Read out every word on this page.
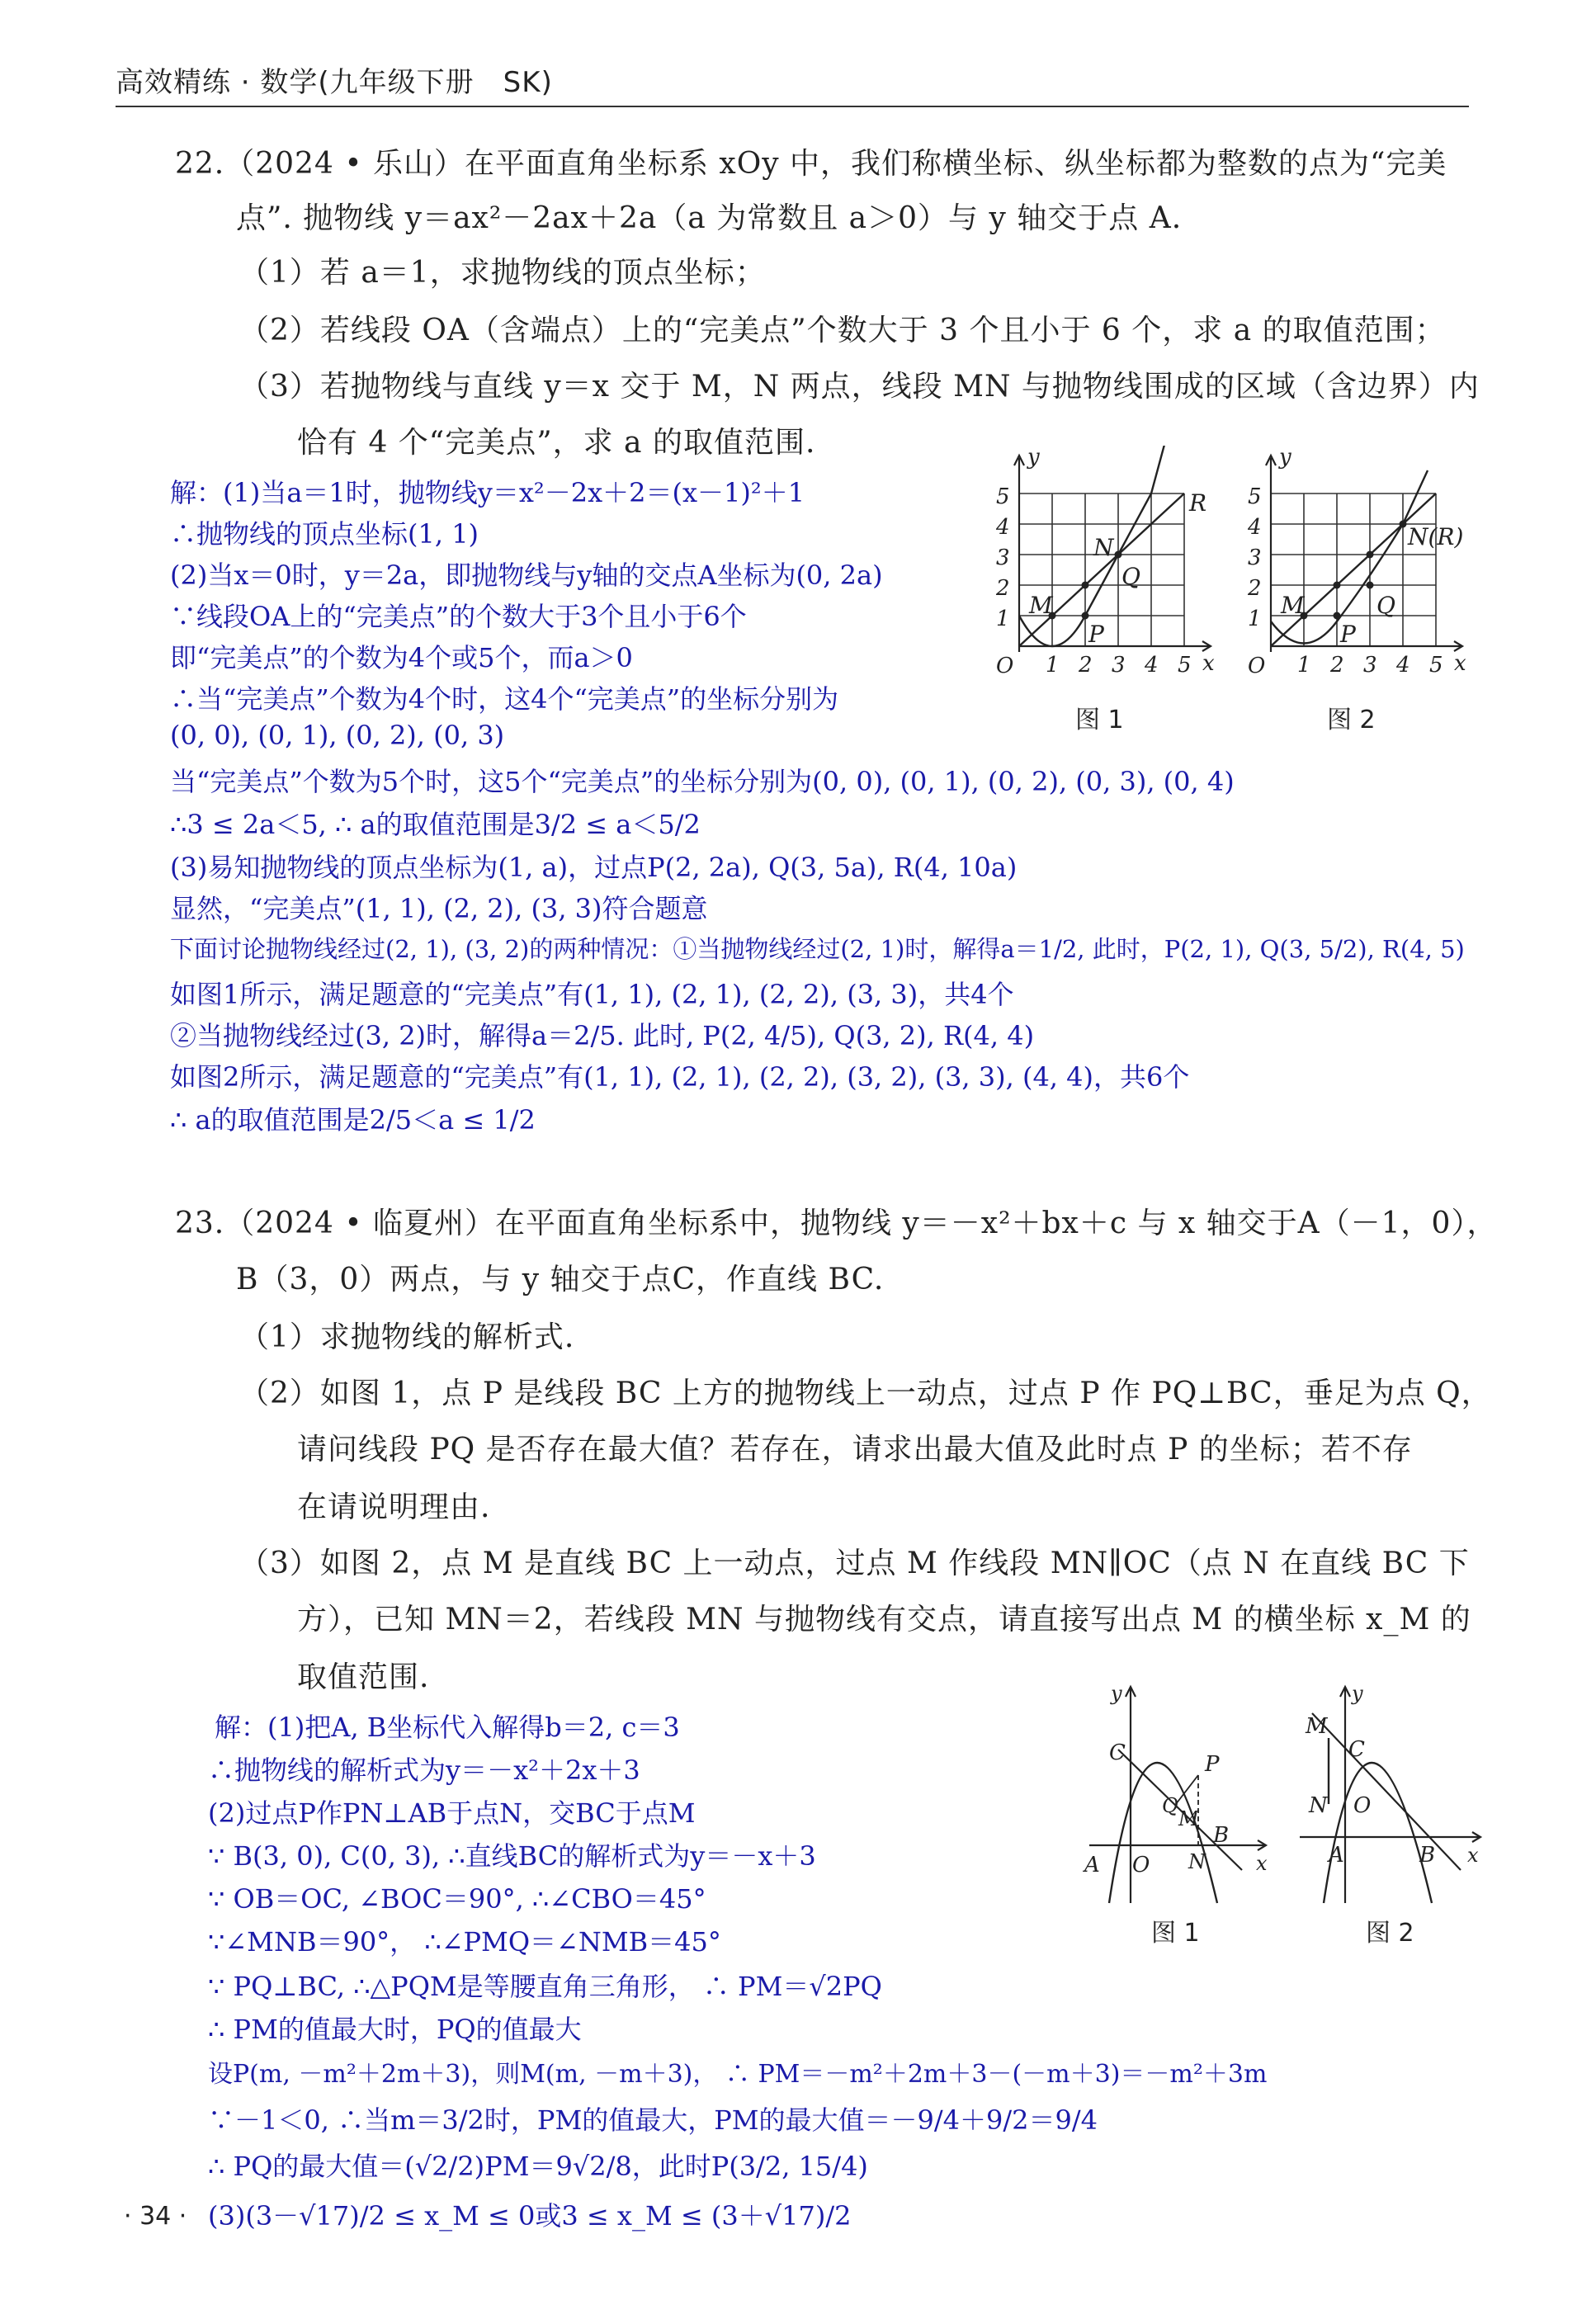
高效精练 · 数学(九年级下册　SK)
22.（2024 • 乐山）在平面直角坐标系 xOy 中，我们称横坐标、纵坐标都为整数的点为“完美
点”. 抛物线 y＝ax²－2ax＋2a（a 为常数且 a＞0）与 y 轴交于点 A.
（1）若 a＝1，求抛物线的顶点坐标；
（2）若线段 OA（含端点）上的“完美点”个数大于 3 个且小于 6 个，求 a 的取值范围；
（3）若抛物线与直线 y＝x 交于 M，N 两点，线段 MN 与抛物线围成的区域（含边界）内
恰有 4 个“完美点”，求 a 的取值范围.
解：(1)当a＝1时，抛物线y＝x²－2x＋2＝(x－1)²＋1
∴抛物线的顶点坐标(1, 1)
(2)当x＝0时，y＝2a，即抛物线与y轴的交点A坐标为(0, 2a)
∵线段OA上的“完美点”的个数大于3个且小于6个
即“完美点”的个数为4个或5个，而a＞0
∴当“完美点”个数为4个时，这4个“完美点”的坐标分别为
(0, 0), (0, 1), (0, 2), (0, 3)
当“完美点”个数为5个时，这5个“完美点”的坐标分别为(0, 0), (0, 1), (0, 2), (0, 3), (0, 4)
∴3 ≤ 2a＜5, ∴ a的取值范围是3/2 ≤ a＜5/2
(3)易知抛物线的顶点坐标为(1, a)，过点P(2, 2a), Q(3, 5a), R(4, 10a)
显然，“完美点”(1, 1), (2, 2), (3, 3)符合题意
下面讨论抛物线经过(2, 1), (3, 2)的两种情况：①当抛物线经过(2, 1)时，解得a＝1/2, 此时，P(2, 1), Q(3, 5/2), R(4, 5)
如图1所示，满足题意的“完美点”有(1, 1), (2, 1), (2, 2), (3, 3)，共4个
②当抛物线经过(3, 2)时，解得a＝2/5. 此时, P(2, 4/5), Q(3, 2), R(4, 4)
如图2所示，满足题意的“完美点”有(1, 1), (2, 1), (2, 2), (3, 2), (3, 3), (4, 4)，共6个
∴ a的取值范围是2/5＜a ≤ 1/2
5
4
3
2
1
1 2 3 4 5
O	x
y
M
N
P
Q
R
图 1
5
4
3
2
1
1 2 3 4 5
O	x
y
M
N(R)
P
Q
图 2
23.（2024 • 临夏州）在平面直角坐标系中，抛物线 y＝－x²＋bx＋c 与 x 轴交于A（－1，0），
B（3，0）两点，与 y 轴交于点C，作直线 BC.
（1）求抛物线的解析式.
（2）如图 1，点 P 是线段 BC 上方的抛物线上一动点，过点 P 作 PQ⊥BC，垂足为点 Q，
请问线段 PQ 是否存在最大值？若存在，请求出最大值及此时点 P 的坐标；若不存
在请说明理由.
（3）如图 2，点 M 是直线 BC 上一动点，过点 M 作线段 MN∥OC（点 N 在直线 BC 下
方），已知 MN＝2，若线段 MN 与抛物线有交点，请直接写出点 M 的横坐标 x_M 的
取值范围.
解：(1)把A, B坐标代入解得b＝2, c＝3
∴抛物线的解析式为y＝－x²＋2x＋3
(2)过点P作PN⊥AB于点N，交BC于点M
∵ B(3, 0), C(0, 3), ∴直线BC的解析式为y＝－x＋3
∵ OB＝OC, ∠BOC＝90°, ∴∠CBO＝45°
∵∠MNB＝90°， ∴∠PMQ＝∠NMB＝45°
∵ PQ⊥BC, ∴△PQM是等腰直角三角形， ∴ PM＝√2PQ
∴ PM的值最大时，PQ的值最大
设P(m, －m²＋2m＋3)，则M(m, －m＋3)， ∴ PM＝－m²＋2m＋3－(－m＋3)＝－m²＋3m
∵－1＜0, ∴当m＝3/2时，PM的值最大，PM的最大值＝－9/4＋9/2＝9/4
∴ PQ的最大值＝(√2/2)PM＝9√2/8，此时P(3/2, 15/4)
(3)(3－√17)/2 ≤ x_M ≤ 0或3 ≤ x_M ≤ (3＋√17)/2
A O
B
C	P
Q
M
N	x
y
图 1
M
N
C
O
A	B x
y
图 2
· 34 ·
